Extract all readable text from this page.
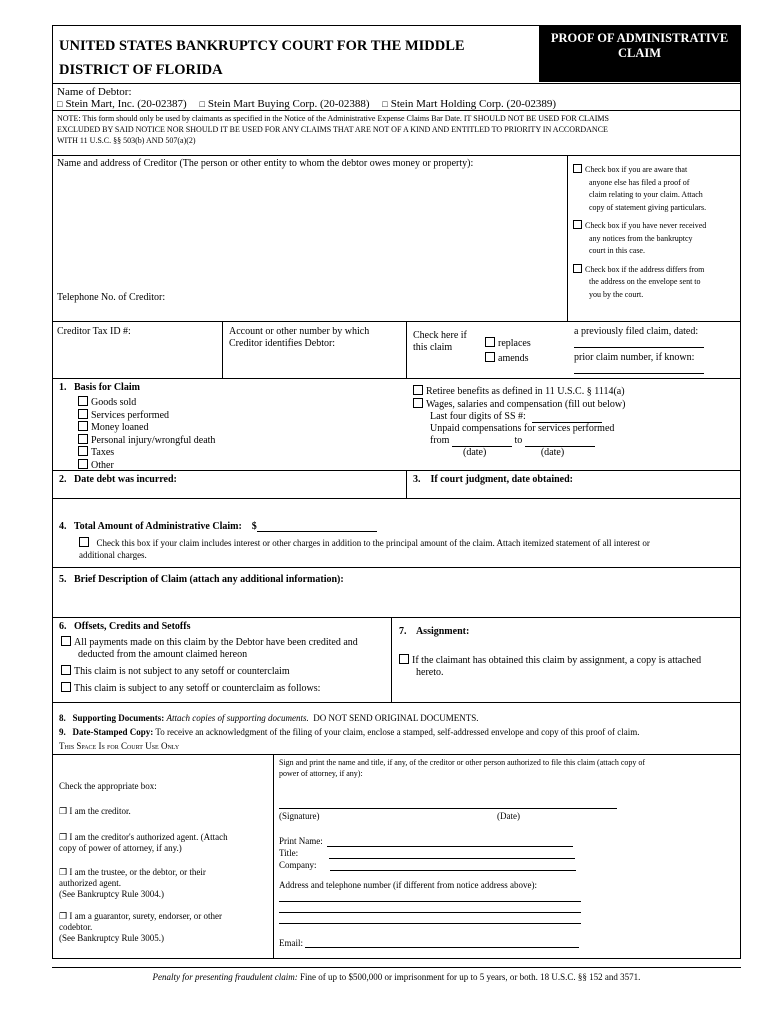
UNITED STATES BANKRUPTCY COURT FOR THE MIDDLE
DISTRICT OF FLORIDA
PROOF OF ADMINISTRATIVE
CLAIM
Name of Debtor:
□ Stein Mart, Inc. (20-02387) □ Stein Mart Buying Corp. (20-02388) □ Stein Mart Holding Corp. (20-02389)
NOTE: This form should only be used by claimants as specified in the Notice of the Administrative Expense Claims Bar Date. IT SHOULD NOT BE USED FOR CLAIMS
EXCLUDED BY SAID NOTICE NOR SHOULD IT BE USED FOR ANY CLAIMS THAT ARE NOT OF A KIND AND ENTITLED TO PRIORITY IN ACCORDANCE
WITH 11 U.S.C. §§ 503(b) AND 507(a)(2)
Name and address of Creditor (The person or other entity to whom the debtor owes money or property):
Telephone No. of Creditor:
Check box if you are aware that
anyone else has filed a proof of
claim relating to your claim. Attach
copy of statement giving particulars.
Check box if you have never received
any notices from the bankruptcy
court in this case.
Check box if the address differs from
the address on the envelope sent to
you by the court.
Creditor Tax ID #:	Account or other number by which
Creditor identifies Debtor:
Check here if
this claim	replaces
amends
a previously filed claim, dated:
prior claim number, if known:
1. Basis for Claim
Goods sold
Services performed
Money loaned
Personal injury/wrongful death
Taxes
Other
Retiree benefits as defined in 11 U.S.C. § 1114(a)
Wages, salaries and compensation (fill out below)
Last four digits of SS #:
Unpaid compensations for services performed
from	to
(date)	(date)
2. Date debt was incurred:	3. If court judgment, date obtained:
4. Total Amount of Administrative Claim: $
Check this box if your claim includes interest or other charges in addition to the principal amount of the claim. Attach itemized statement of all interest or
additional charges.
5. Brief Description of Claim (attach any additional information):
6. Offsets, Credits and Setoffs
All payments made on this claim by the Debtor have been credited and
deducted from the amount claimed hereon
This claim is not subject to any setoff or counterclaim
This claim is subject to any setoff or counterclaim as follows:
7. Assignment:
If the claimant has obtained this claim by assignment, a copy is attached
hereto.
8. Supporting Documents: Attach copies of supporting documents. DO NOT SEND ORIGINAL DOCUMENTS.
9. Date-Stamped Copy: To receive an acknowledgment of the filing of your claim, enclose a stamped, self-addressed envelope and copy of this proof of claim.
This Space Is for Court Use Only
Check the appropriate box:
❐ I am the creditor.
❐ I am the creditor's authorized agent. (Attach
copy of power of attorney, if any.)
❐ I am the trustee, or the debtor, or their
authorized agent.
(See Bankruptcy Rule 3004.)
❐ I am a guarantor, surety, endorser, or other
codebtor.
(See Bankruptcy Rule 3005.)
Sign and print the name and title, if any, of the creditor or other person authorized to file this claim (attach copy of
power of attorney, if any):
(Signature)	(Date)
Print Name:
Title:
Company:
Address and telephone number (if different from notice address above):

Email:
Penalty for presenting fraudulent claim: Fine of up to $500,000 or imprisonment for up to 5 years, or both. 18 U.S.C. §§ 152 and 3571.
